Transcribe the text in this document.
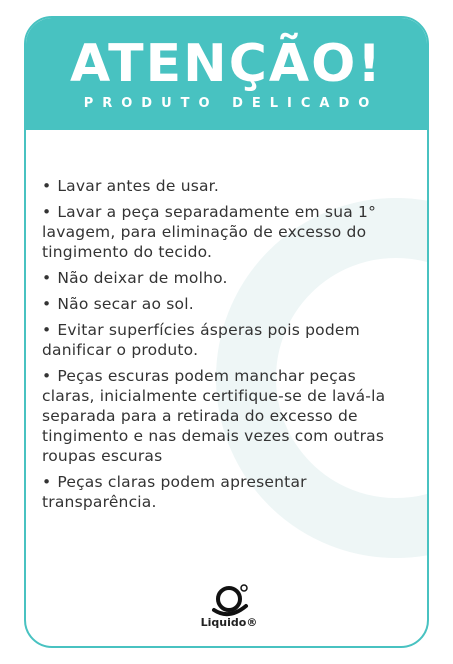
ATENÇÃO!
PRODUTO DELICADO
• Lavar antes de usar.
• Lavar a peça separadamente em sua 1° lavagem, para eliminação de excesso do tingimento do tecido.
• Não deixar de molho.
• Não secar ao sol.
• Evitar superfícies ásperas pois podem danificar o produto.
• Peças escuras podem manchar peças claras, inicialmente certifique-se de lavá-la separada para a retirada do excesso de tingimento e nas demais vezes com outras roupas escuras
• Peças claras podem apresentar transparência.
Liquido®
